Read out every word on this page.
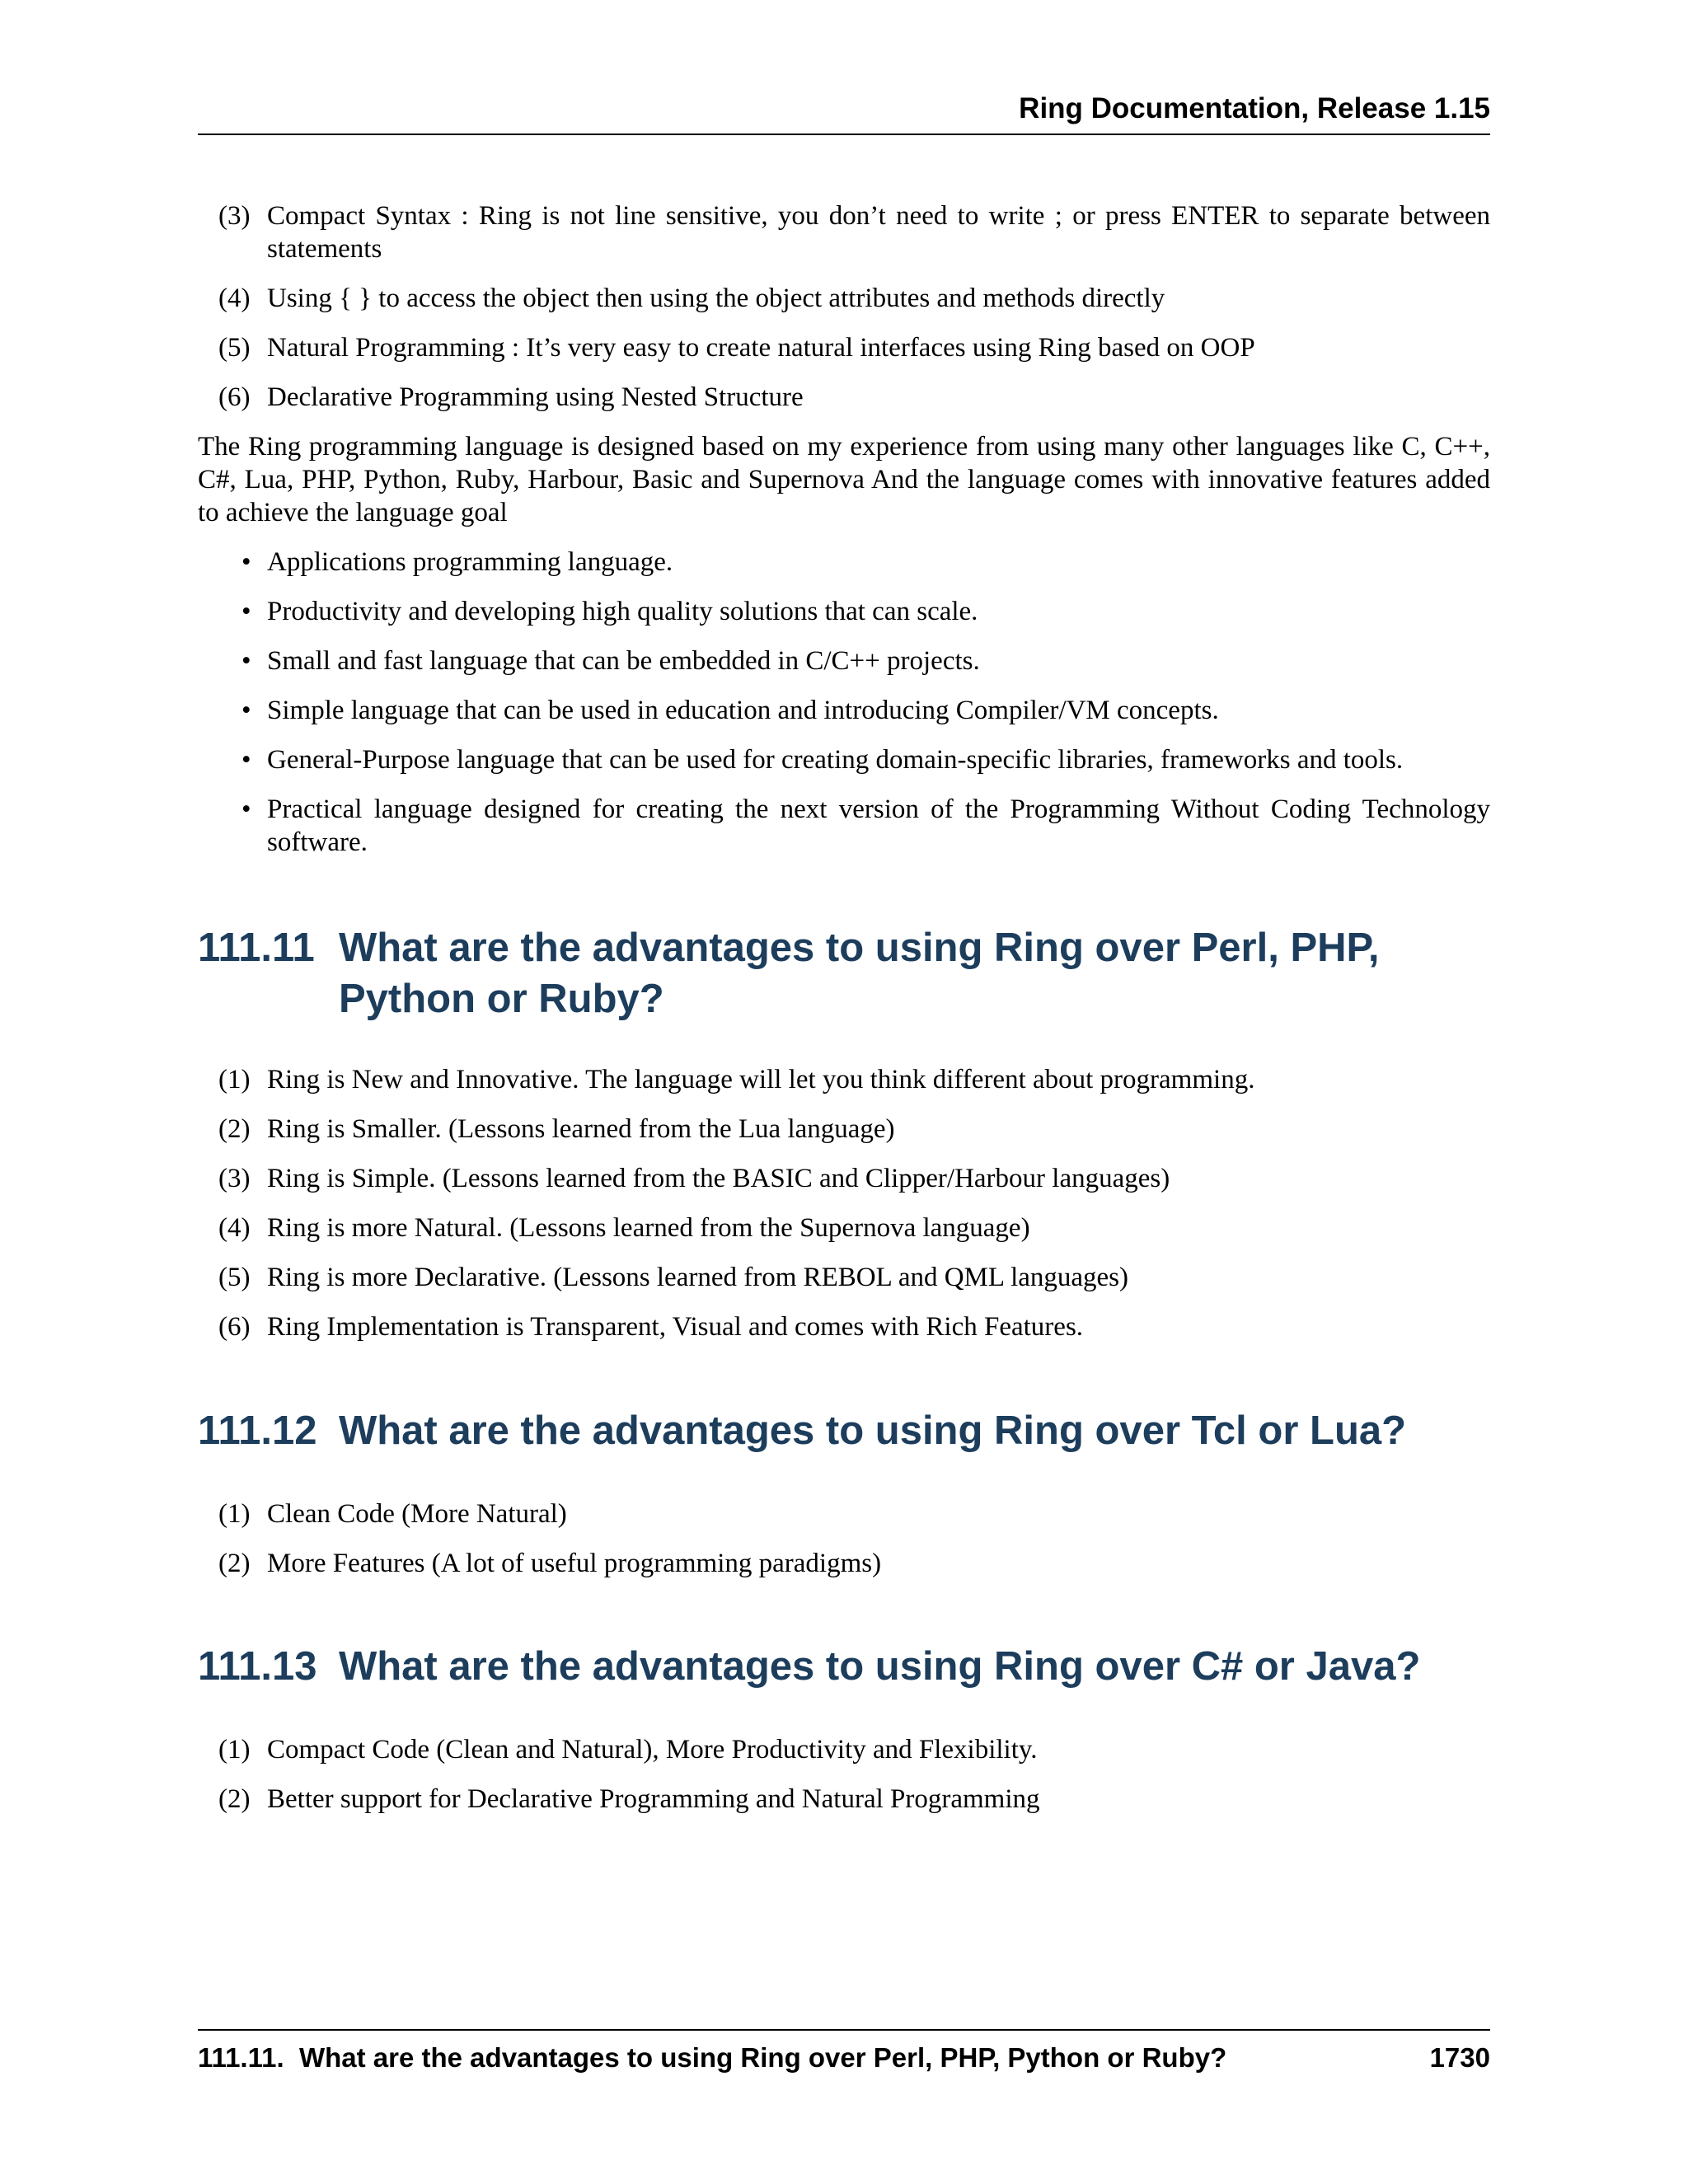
Ring Documentation, Release 1.15
(3) Compact Syntax : Ring is not line sensitive, you don’t need to write ; or press ENTER to separate between statements
(4) Using { } to access the object then using the object attributes and methods directly
(5) Natural Programming : It’s very easy to create natural interfaces using Ring based on OOP
(6) Declarative Programming using Nested Structure

The Ring programming language is designed based on my experience from using many other languages like C, C++, C#, Lua, PHP, Python, Ruby, Harbour, Basic and Supernova And the language comes with innovative features added to achieve the language goal

• Applications programming language.
• Productivity and developing high quality solutions that can scale.
• Small and fast language that can be embedded in C/C++ projects.
• Simple language that can be used in education and introducing Compiler/VM concepts.
• General-Purpose language that can be used for creating domain-specific libraries, frameworks and tools.
• Practical language designed for creating the next version of the Programming Without Coding Technology software.
111.11 What are the advantages to using Ring over Perl, PHP, Python or Ruby?
(1) Ring is New and Innovative. The language will let you think different about programming.
(2) Ring is Smaller. (Lessons learned from the Lua language)
(3) Ring is Simple. (Lessons learned from the BASIC and Clipper/Harbour languages)
(4) Ring is more Natural. (Lessons learned from the Supernova language)
(5) Ring is more Declarative. (Lessons learned from REBOL and QML languages)
(6) Ring Implementation is Transparent, Visual and comes with Rich Features.
111.12 What are the advantages to using Ring over Tcl or Lua?
(1) Clean Code (More Natural)
(2) More Features (A lot of useful programming paradigms)
111.13 What are the advantages to using Ring over C# or Java?
(1) Compact Code (Clean and Natural), More Productivity and Flexibility.
(2) Better support for Declarative Programming and Natural Programming
111.11.  What are the advantages to using Ring over Perl, PHP, Python or Ruby?	1730
